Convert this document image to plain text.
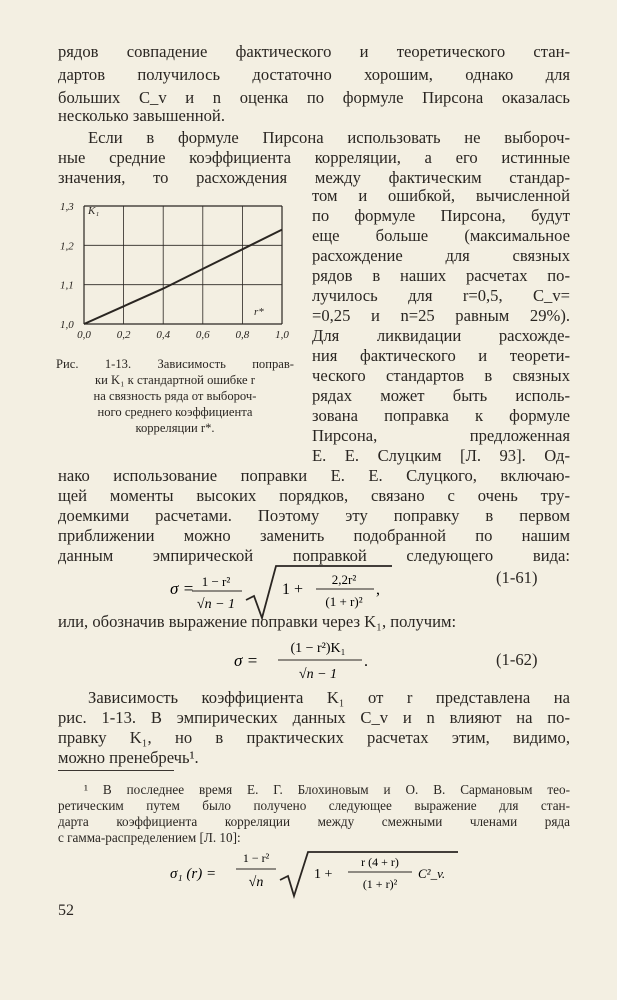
рядов совпадение фактического и теоретического стан-
дартов получилось достаточно хорошим, однако для
больших C_v и n оценка по формуле Пирсона оказалась
несколько завышенной.
Если в формуле Пирсона использовать не выбороч-
ные средние коэффициента корреляции, а его истинные
значения, то расхождения между фактическим стандар-
0,0 0,2 0,4 0,6 0,8 1,0
1,0
1,1
1,2
1,3 K₁
r*
Рис. 1-13. Зависимость поправ-
ки K₁ к стандартной ошибке r
на связность ряда от выбороч-
ного среднего коэффициента
корреляции r*.
том и ошибкой, вычисленной
по формуле Пирсона, будут
еще больше (максимальное
расхождение для связных
рядов в наших расчетах по-
лучилось для r=0,5, C_v=
=0,25 и n=25 равным 29%).
Для ликвидации расхожде-
ния фактического и теорети-
ческого стандартов в связных
рядах может быть исполь-
зована поправка к формуле
Пирсона, предложенная
Е. Е. Слуцким [Л. 93]. Од-
нако использование поправки Е. Е. Слуцкого, включаю-
щей моменты высоких порядков, связано с очень тру-
доемкими расчетами. Поэтому эту поправку в первом
приближении можно заменить подобранной по нашим
данным эмпирической поправкой следующего вида:
σ = 1 − r²
√n − 1
1 +
2,2r²
(1 + r)²
,
(1-61)
или, обозначив выражение поправки через K₁, получим:
σ =
(1 − r²)K₁
√n − 1
.	(1-62)
Зависимость коэффициента K₁ от r представлена на
рис. 1-13. В эмпирических данных C_v и n влияют на по-
правку K₁, но в практических расчетах этим, видимо,
можно пренебречь¹.
¹ В последнее время Е. Г. Блохиновым и О. В. Сармановым тео-
ретическим путем было получено следующее выражение для стан-
дарта коэффициента корреляции между смежными членами ряда
с гамма-распределением [Л. 10]:
σ₁ (r) =
1 − r²
√n
1 +
r (4 + r)
(1 + r)²
C²_v.
52
